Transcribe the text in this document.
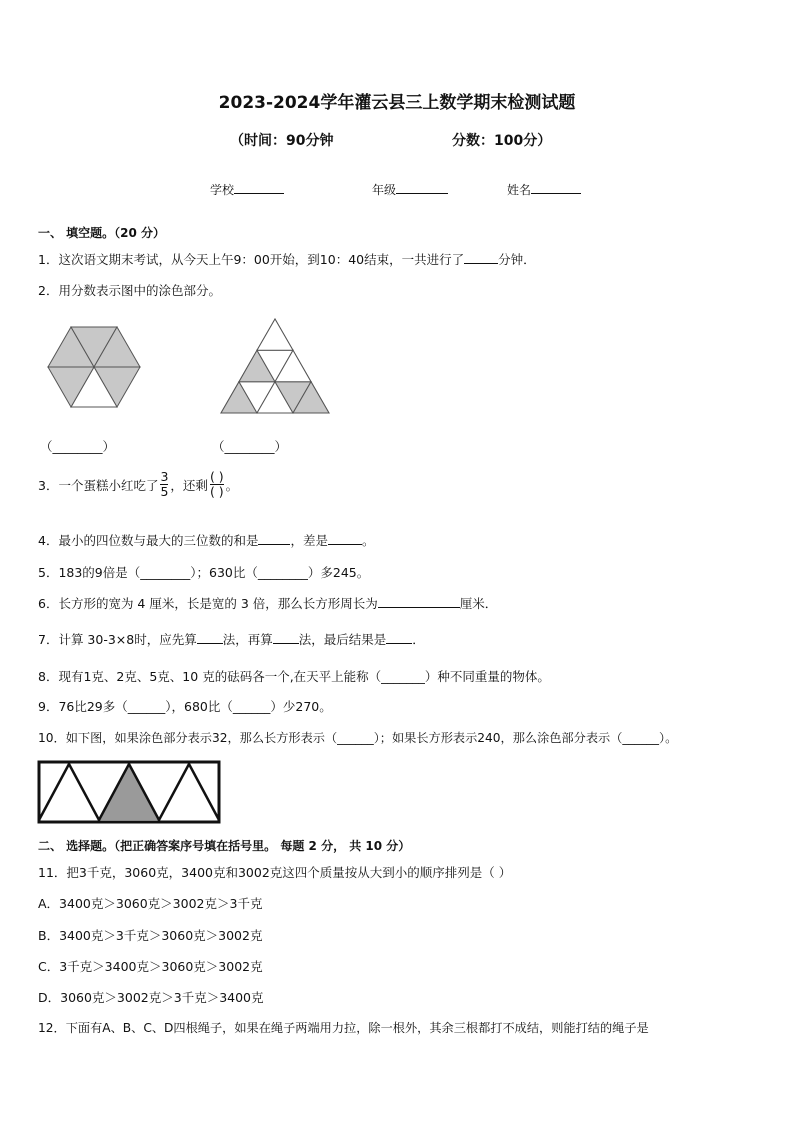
2023-2024学年灌云县三上数学期末检测试题
（时间：90分钟	分数：100分）
学校	年级	姓名
一、 填空题。（20 分）
1．这次语文期末考试，从今天上午9：00开始，到10：40结束，一共进行了	分钟．
2．用分数表示图中的涂色部分。
（________）	（________）
3．一个蛋糕小红吃了 $\frac{3}{5}$ ，还剩 $\frac{( )}{( )}$ 。
4．最小的四位数与最大的三位数的和是	，差是	。
5．183的9倍是（________）；630比（________）多245。
6．长方形的宽为 4 厘米，长是宽的 3 倍，那么长方形周长为	厘米．
7．计算 30-3×8时，应先算 法，再算 法，最后结果是 ．
8．现有1克、2克、5克、10 克的砝码各一个,在天平上能称（_______）种不同重量的物体。
9．76比29多（______），680比（______）少270。
10．如下图，如果涂色部分表示32，那么长方形表示（______）；如果长方形表示240，那么涂色部分表示（______）。
二、 选择题。（把正确答案序号填在括号里。 每题 2 分， 共 10 分）
11．把3千克，3060克，3400克和3002克这四个质量按从大到小的顺序排列是（ ）
A．3400克＞3060克＞3002克＞3千克
B．3400克＞3千克＞3060克＞3002克
C．3千克＞3400克＞3060克＞3002克
D．3060克＞3002克＞3千克＞3400克
12．下面有A、B、C、D四根绳子，如果在绳子两端用力拉，除一根外，其余三根都打不成结，则能打结的绳子是
